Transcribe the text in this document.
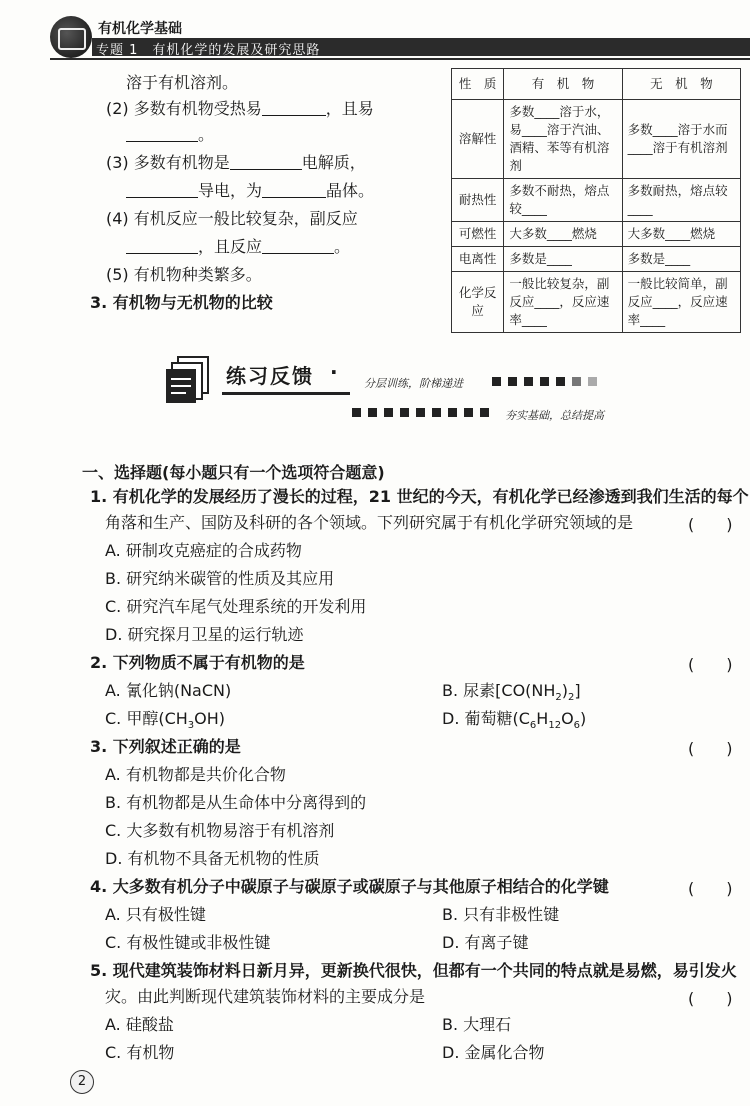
有机化学基础
专题 1　有机化学的发展及研究思路
溶于有机溶剂。
(2) 多数有机物受热易	，且易
。
(3) 多数有机物是	电解质，
导电，为	晶体。
(4) 有机反应一般比较复杂，副反应
，且反应	。
(5) 有机物种类繁多。
3. 有机物与无机物的比较
性　质	有　机　物	无　机　物
溶解性	多数____溶于水，易____溶于汽油、酒精、苯等有机溶剂	多数____溶于水而____溶于有机溶剂
耐热性	多数不耐热，熔点较____	多数耐热，熔点较____
可燃性	大多数____燃烧	大多数____燃烧
电离性	多数是____	多数是____
化学反应	一般比较复杂，副反应____，反应速率____	一般比较简单，副反应____，反应速率____
练习反馈 · 分层训练，阶梯递进
夯实基础，总结提高
一、选择题(每小题只有一个选项符合题意)
1. 有机化学的发展经历了漫长的过程，21 世纪的今天，有机化学已经渗透到我们生活的每个
角落和生产、国防及科研的各个领域。下列研究属于有机化学研究领域的是	(　　)
A. 研制攻克癌症的合成药物
B. 研究纳米碳管的性质及其应用
C. 研究汽车尾气处理系统的开发利用
D. 研究探月卫星的运行轨迹
2. 下列物质不属于有机物的是	(　　)
A. 氰化钠(NaCN)	B. 尿素$[CO(NH_2)_2]$
C. 甲醇$(CH_3OH)$	D. 葡萄糖$(C_6H_{12}O_6)$
3. 下列叙述正确的是	(　　)
A. 有机物都是共价化合物
B. 有机物都是从生命体中分离得到的
C. 大多数有机物易溶于有机溶剂
D. 有机物不具备无机物的性质
4. 大多数有机分子中碳原子与碳原子或碳原子与其他原子相结合的化学键	(　　)
A. 只有极性键	B. 只有非极性键
C. 有极性键或非极性键	D. 有离子键
5. 现代建筑装饰材料日新月异，更新换代很快，但都有一个共同的特点就是易燃，易引发火
灾。由此判断现代建筑装饰材料的主要成分是	(　　)
A. 硅酸盐	B. 大理石
C. 有机物	D. 金属化合物
2
